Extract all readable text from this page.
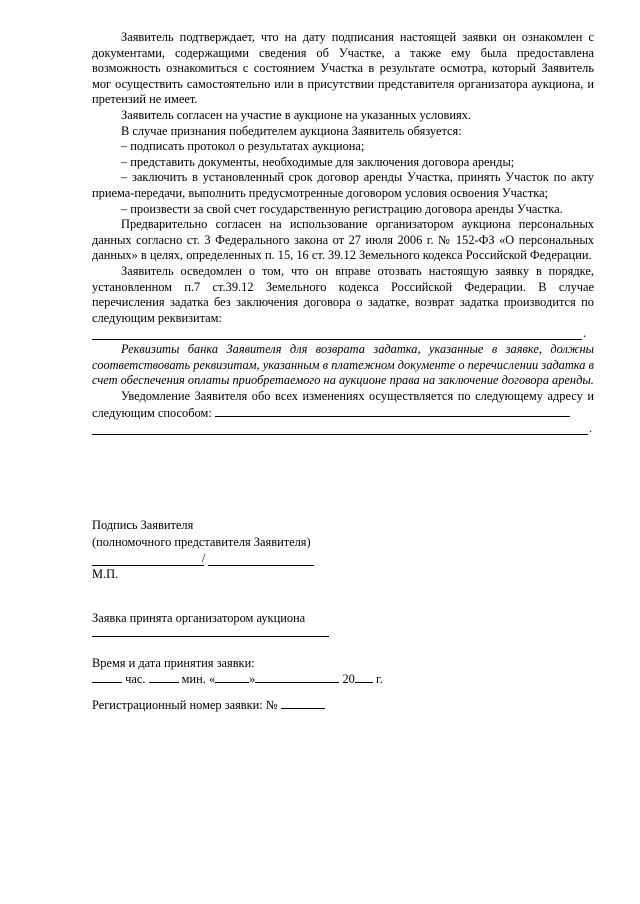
Заявитель подтверждает, что на дату подписания настоящей заявки он ознакомлен с документами, содержащими сведения об Участке, а также ему была предоставлена возможность ознакомиться с состоянием Участка в результате осмотра, который Заявитель мог осуществить самостоятельно или в присутствии представителя организатора аукциона, и претензий не имеет.

Заявитель согласен на участие в аукционе на указанных условиях.

В случае признания победителем аукциона Заявитель обязуется:

– подписать протокол о результатах аукциона;

– представить документы, необходимые для заключения договора аренды;

– заключить в установленный срок договор аренды Участка, принять Участок по акту приема-передачи, выполнить предусмотренные договором условия освоения Участка;

– произвести за свой счет государственную регистрацию договора аренды Участка.

Предварительно согласен на использование организатором аукциона персональных данных согласно ст. 3 Федерального закона от 27 июля 2006 г. № 152-ФЗ «О персональных данных» в целях, определенных п. 15, 16 ст. 39.12 Земельного кодекса Российской Федерации.

Заявитель осведомлен о том, что он вправе отозвать настоящую заявку в порядке, установленном п.7 ст.39.12 Земельного кодекса Российской Федерации. В случае перечисления задатка без заключения договора о задатке, возврат задатка производится по следующим реквизитам:

.

Реквизиты банка Заявителя для возврата задатка, указанные в заявке, должны соответствовать реквизитам, указанным в платежном документе о перечислении задатка в счет обеспечения оплаты приобретаемого на аукционе права на заключение договора аренды.

Уведомление Заявителя обо всех изменениях осуществляется по следующему адресу и следующим способом:

.
Подпись Заявителя
(полномочного представителя Заявителя)
/
М.П.
Заявка принята организатором аукциона
Время и дата принятия заявки:
час.	мин. «	»	20 г.
Регистрационный номер заявки: №
